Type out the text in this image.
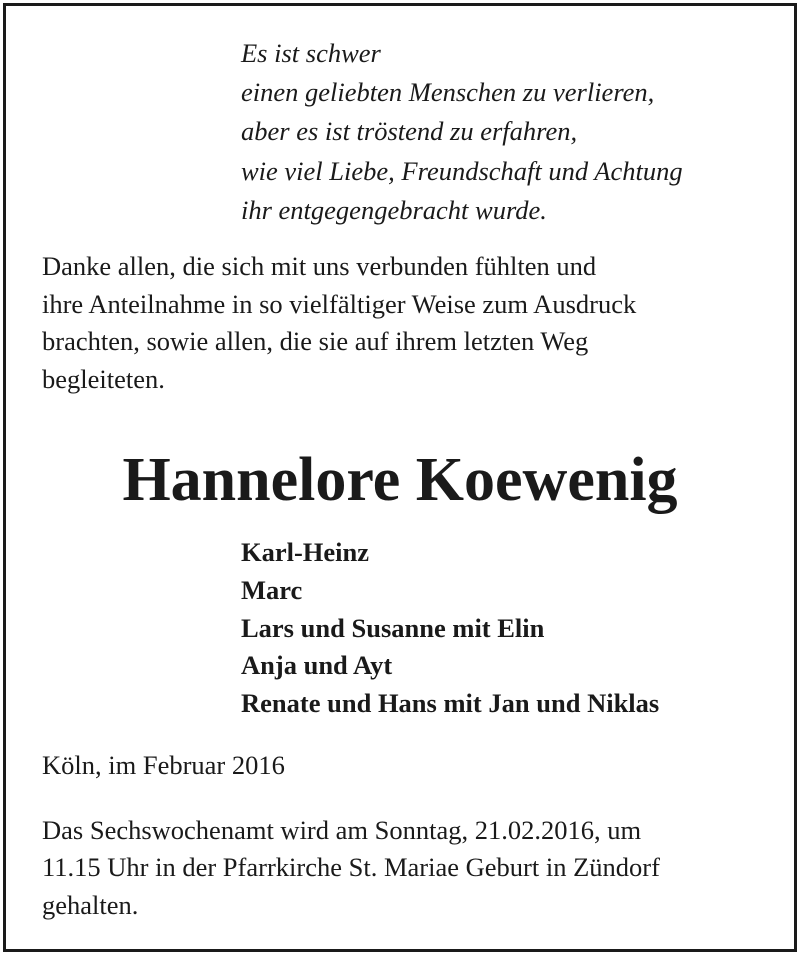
Es ist schwer
einen geliebten Menschen zu verlieren,
aber es ist tröstend zu erfahren,
wie viel Liebe, Freundschaft und Achtung
ihr entgegengebracht wurde.
Danke allen, die sich mit uns verbunden fühlten und
ihre Anteilnahme in so vielfältiger Weise zum Ausdruck
brachten, sowie allen, die sie auf ihrem letzten Weg
begleiteten.
Hannelore Koewenig
Karl-Heinz
Marc
Lars und Susanne mit Elin
Anja und Ayt
Renate und Hans mit Jan und Niklas
Köln, im Februar 2016
Das Sechswochenamt wird am Sonntag, 21.02.2016, um
11.15 Uhr in der Pfarrkirche St. Mariae Geburt in Zündorf
gehalten.
